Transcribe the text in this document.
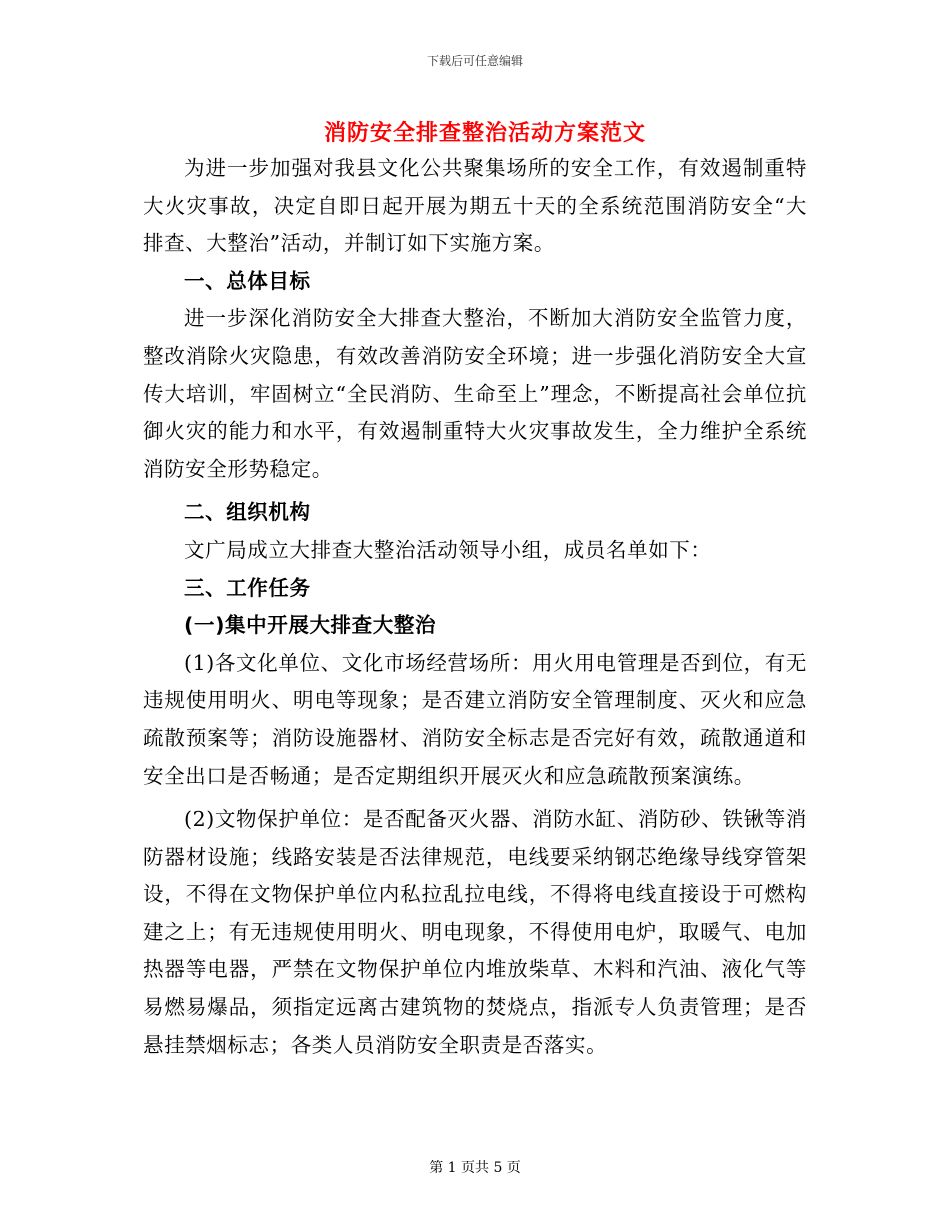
下载后可任意编辑
消防安全排查整治活动方案范文

为进一步加强对我县文化公共聚集场所的安全工作，有效遏制重特大火灾事故，决定自即日起开展为期五十天的全系统范围消防安全“大排查、大整治”活动，并制订如下实施方案。

一、总体目标

进一步深化消防安全大排查大整治，不断加大消防安全监管力度，整改消除火灾隐患，有效改善消防安全环境；进一步强化消防安全大宣传大培训，牢固树立“全民消防、生命至上”理念，不断提高社会单位抗御火灾的能力和水平，有效遏制重特大火灾事故发生，全力维护全系统消防安全形势稳定。

二、组织机构

文广局成立大排查大整治活动领导小组，成员名单如下：

三、工作任务

(一)集中开展大排查大整治

(1)各文化单位、文化市场经营场所：用火用电管理是否到位，有无违规使用明火、明电等现象；是否建立消防安全管理制度、灭火和应急疏散预案等；消防设施器材、消防安全标志是否完好有效，疏散通道和安全出口是否畅通；是否定期组织开展灭火和应急疏散预案演练。

(2)文物保护单位：是否配备灭火器、消防水缸、消防砂、铁锹等消防器材设施；线路安装是否法律规范，电线要采纳钢芯绝缘导线穿管架设，不得在文物保护单位内私拉乱拉电线，不得将电线直接设于可燃构建之上；有无违规使用明火、明电现象，不得使用电炉，取暖气、电加热器等电器，严禁在文物保护单位内堆放柴草、木料和汽油、液化气等易燃易爆品，须指定远离古建筑物的焚烧点，指派专人负责管理；是否悬挂禁烟标志；各类人员消防安全职责是否落实。

第 1 页共 5 页
